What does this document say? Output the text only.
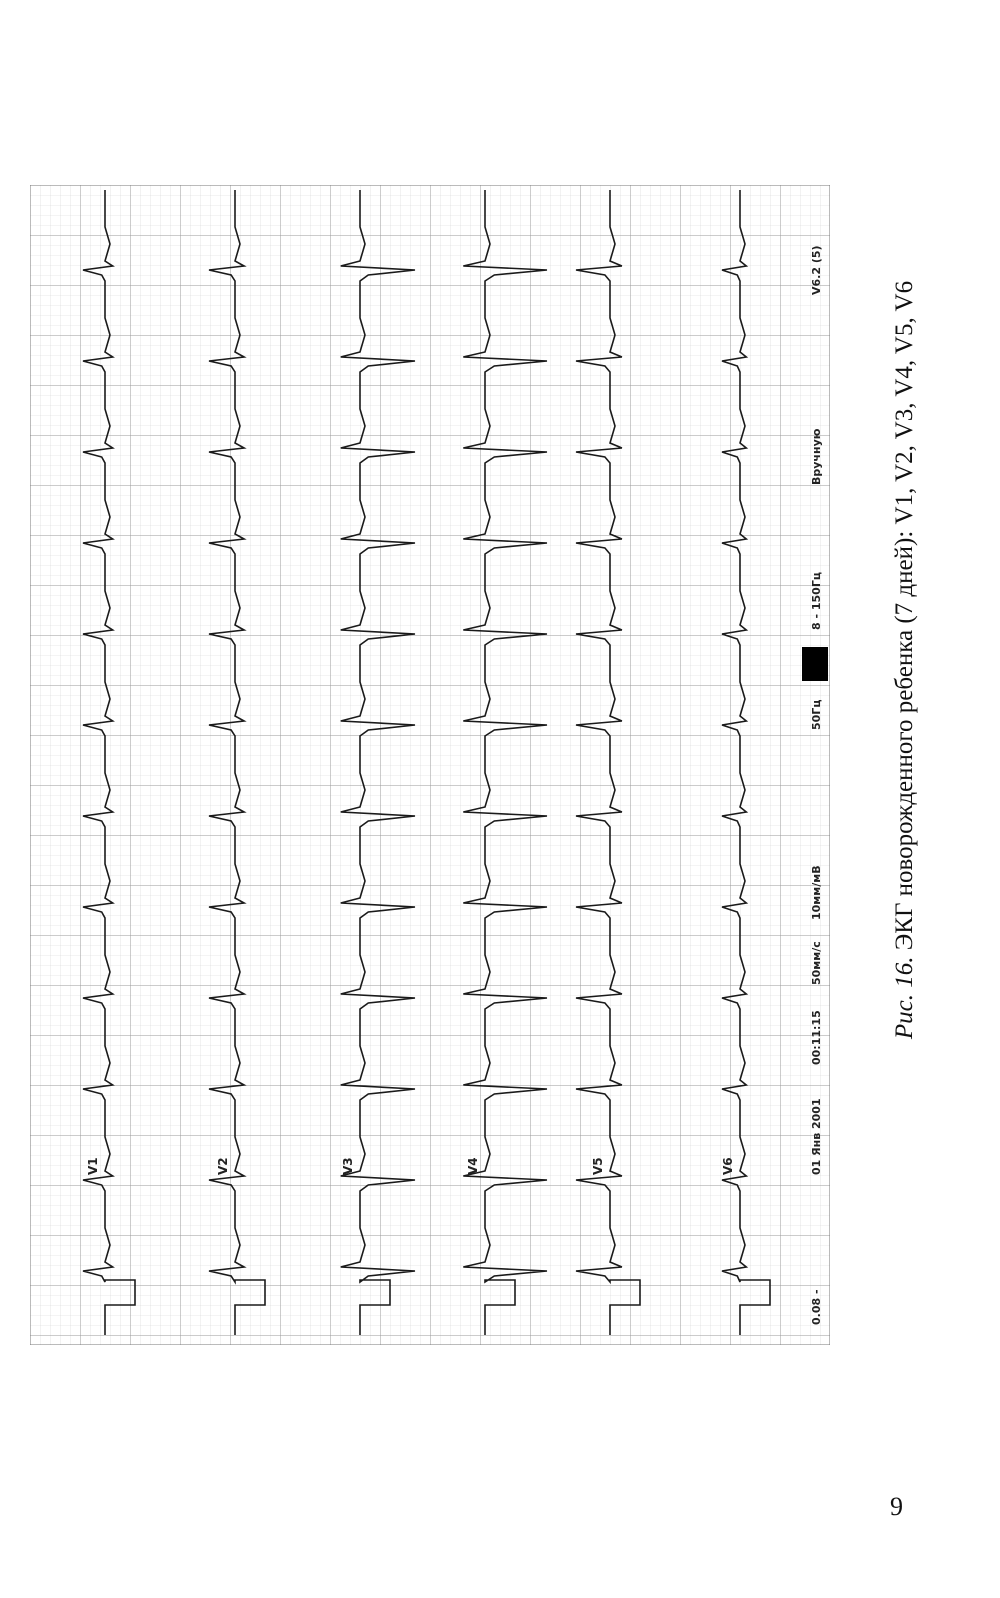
V1	V2	V3	V4	V5	V6
0.08 -
01 Янв 2001
00:11:15
50мм/с
10мм/мВ
50Гц
8 - 150Гц
Вручную
V6.2 (5)
Рис. 16. ЭКГ новорожденного ребенка (7 дней): V1, V2, V3, V4, V5, V6
9
